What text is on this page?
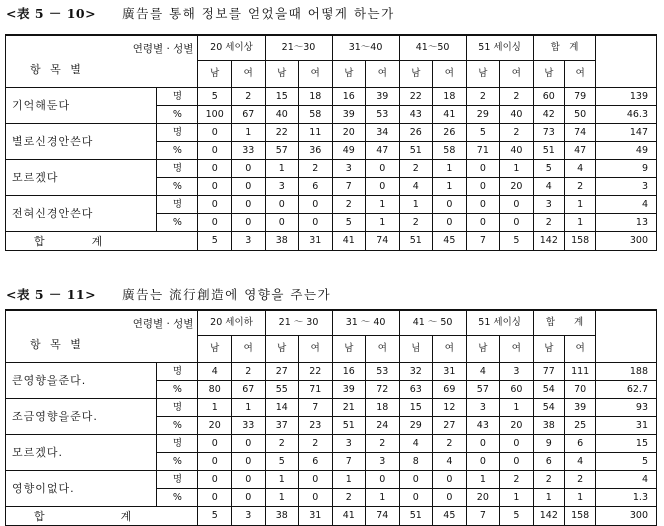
<表 5 － 10> 廣告를 통해 정보를 얻었을때 어떻게 하는가
연령별 · 성별
항 목 별		20 세이상		21～30		31～40		41～50		51 세이싱		합　계		
		남	여	남	여	남	여	남	여	남	여	남	여	
기억해둔다	명	5	2	15	18	16	39	22	18	2	2	60	79	139
	%	100	67	40	58	39	53	43	41	29	40	42	50	46.3
별로신경안쓴다	명	0	1	22	11	20	34	26	26	5	2	73	74	147
	%	0	33	57	36	49	47	51	58	71	40	51	47	49
모르겠다	명	0	0	1	2	3	0	2	1	0	1	5	4	9
	%	0	0	3	6	7	0	4	1	0	20	4	2	3
전혀신경안쓴다	명	0	0	0	0	2	1	1	0	0	0	3	1	4
	%	0	0	0	0	5	1	2	0	0	0	2	1	13
합　계		5	3	38	31	41	74	51	45	7	5	142	158	300
<表 5 － 11> 廣告는 流行創造에 영향을 주는가
연령별 · 성별
항 목 별		20 세이하		21 ～ 30		31 ～ 40		41 ～ 50		51 세이싱		합　　계		
		남	여	남	여	남	여	님	여	남	여	남	여	
큰영향을준다.	명	4	2	27	22	16	53	32	31	4	3	77	111	188
	%	80	67	55	71	39	72	63	69	57	60	54	70	62.7
조금영향을준다.	명	1	1	14	7	21	18	15	12	3	1	54	39	93
	%	20	33	37	23	51	24	29	27	43	20	38	25	31
모르겠다.	명	0	0	2	2	3	2	4	2	0	0	9	6	15
	%	0	0	5	6	7	3	8	4	0	0	6	4	5
영향이없다.	명	0	0	1	0	1	0	0	0	1	2	2	2	4
	%	0	0	1	0	2	1	0	0	20	1	1	1	1.3
합　　계		5	3	38	31	41	74	51	45	7	5	142	158	300
